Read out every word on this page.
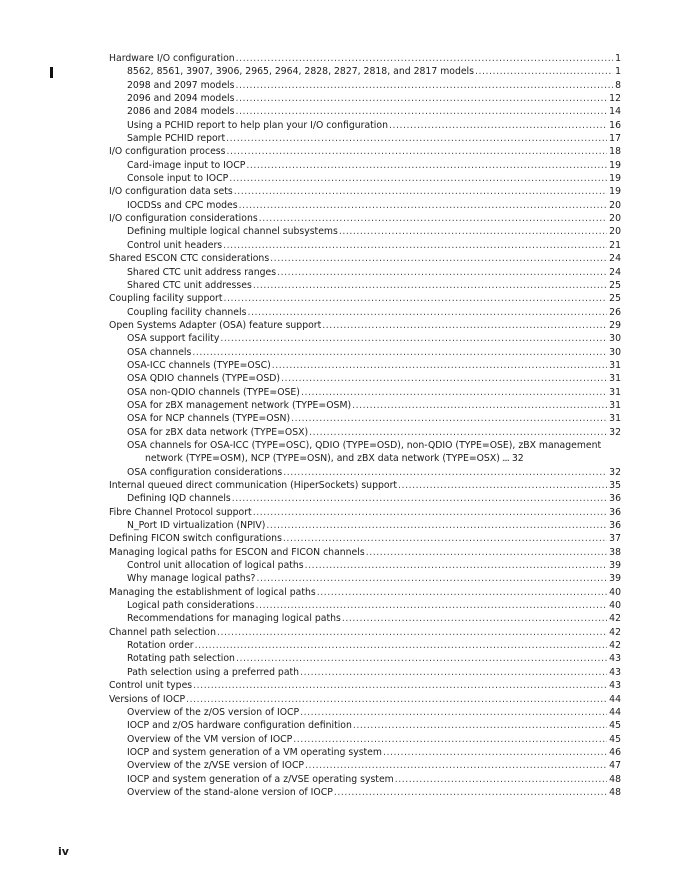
Hardware I/O configuration . . .	1
8562, 8561, 3907, 3906, 2965, 2964, 2828, 2827, 2818, and 2817 models . . .	1
2098 and 2097 models . . .	8
2096 and 2094 models . . .	12
2086 and 2084 models . . .	14
Using a PCHID report to help plan your I/O configuration . . .	16
Sample PCHID report . . .	17
I/O configuration process . . .	18
Card-image input to IOCP . . .	19
Console input to IOCP . . .	19
I/O configuration data sets . . .	19
IOCDSs and CPC modes . . .	20
I/O configuration considerations . . .	20
Defining multiple logical channel subsystems . . .	20
Control unit headers . . .	21
Shared ESCON CTC considerations . . .	24
Shared CTC unit address ranges . . .	24
Shared CTC unit addresses . . .	25
Coupling facility support . . .	25
Coupling facility channels . . .	26
Open Systems Adapter (OSA) feature support . . .	29
OSA support facility . . .	30
OSA channels . . .	30
OSA-ICC channels (TYPE=OSC) . . .	31
OSA QDIO channels (TYPE=OSD) . . .	31
OSA non-QDIO channels (TYPE=OSE) . . .	31
OSA for zBX management network (TYPE=OSM) . . .	31
OSA for NCP channels (TYPE=OSN) . . .	31
OSA for zBX data network (TYPE=OSX) . . .	32
OSA channels for OSA-ICC (TYPE=OSC), QDIO (TYPE=OSD), non-QDIO (TYPE=OSE), zBX management network (TYPE=OSM), NCP (TYPE=OSN), and zBX data network (TYPE=OSX) .... 32
OSA configuration considerations . . .	32
Internal queued direct communication (HiperSockets) support . . .	35
Defining IQD channels . . .	36
Fibre Channel Protocol support . . .	36
N_Port ID virtualization (NPIV) . . .	36
Defining FICON switch configurations . . .	37
Managing logical paths for ESCON and FICON channels . . .	38
Control unit allocation of logical paths . . .	39
Why manage logical paths? . . .	39
Managing the establishment of logical paths . . .	40
Logical path considerations . . .	40
Recommendations for managing logical paths . . .	42
Channel path selection . . .	42
Rotation order . . .	42
Rotating path selection . . .	43
Path selection using a preferred path . . .	43
Control unit types . . .	43
Versions of IOCP . . .	44
Overview of the z/OS version of IOCP . . .	44
IOCP and z/OS hardware configuration definition . . .	45
Overview of the VM version of IOCP . . .	45
IOCP and system generation of a VM operating system . . .	46
Overview of the z/VSE version of IOCP . . .	47
IOCP and system generation of a z/VSE operating system . . .	48
Overview of the stand-alone version of IOCP . . .	48
iv
